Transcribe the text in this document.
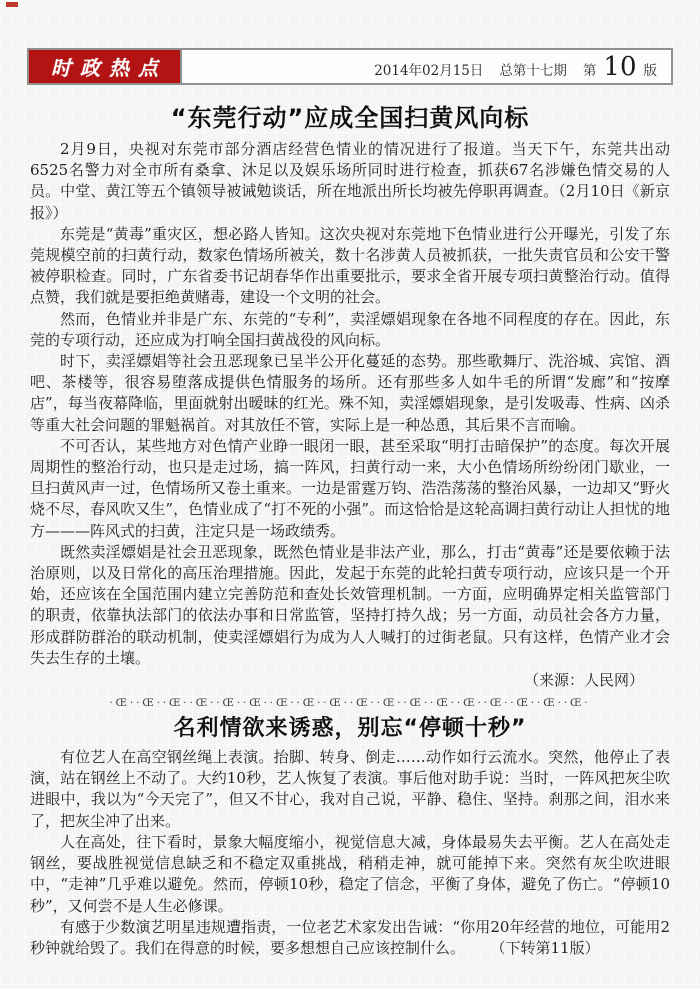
时政热点	2014年02月15日 总第十七期 第 10 版
“东莞行动”应成全国扫黄风向标

2月9日，央视对东莞市部分酒店经营色情业的情况进行了报道。当天下午，东莞共出动6525名警力对全市所有桑拿、沐足以及娱乐场所同时进行检查，抓获67名涉嫌色情交易的人员。中堂、黄江等五个镇领导被诫勉谈话，所在地派出所长均被先停职再调查。（2月10日《新京报》）

东莞是“黄毒”重灾区，想必路人皆知。这次央视对东莞地下色情业进行公开曝光，引发了东莞规模空前的扫黄行动，数家色情场所被关，数十名涉黄人员被抓获，一批失责官员和公安干警被停职检查。同时，广东省委书记胡春华作出重要批示，要求全省开展专项扫黄整治行动。值得点赞，我们就是要拒绝黄赌毒，建设一个文明的社会。

然而，色情业并非是广东、东莞的“专利”，卖淫嫖娼现象在各地不同程度的存在。因此，东莞的专项行动，还应成为打响全国扫黄战役的风向标。

时下，卖淫嫖娼等社会丑恶现象已呈半公开化蔓延的态势。那些歌舞厅、洗浴城、宾馆、酒吧、茶楼等，很容易堕落成提供色情服务的场所。还有那些多人如牛毛的所谓“发廊”和“按摩店”，每当夜幕降临，里面就射出暧昧的红光。殊不知，卖淫嫖娼现象，是引发吸毒、性病、凶杀等重大社会问题的罪魁祸首。对其放任不管，实际上是一种怂恿，其后果不言而喻。

不可否认，某些地方对色情产业睁一眼闭一眼，甚至采取“明打击暗保护”的态度。每次开展周期性的整治行动，也只是走过场，搞一阵风，扫黄行动一来，大小色情场所纷纷闭门歇业，一旦扫黄风声一过，色情场所又卷土重来。一边是雷霆万钧、浩浩荡荡的整治风暴，一边却又“野火烧不尽，春风吹又生”，色情业成了“打不死的小强”。而这恰恰是这轮高调扫黄行动让人担忧的地方———阵风式的扫黄，注定只是一场政绩秀。

既然卖淫嫖娼是社会丑恶现象，既然色情业是非法产业，那么，打击“黄毒”还是要依赖于法治原则，以及日常化的高压治理措施。因此，发起于东莞的此轮扫黄专项行动，应该只是一个开始，还应该在全国范围内建立完善防范和查处长效管理机制。一方面，应明确界定相关监管部门的职责，依靠执法部门的依法办事和日常监管，坚持打持久战；另一方面，动员社会各方力量，形成群防群治的联动机制，使卖淫嫖娼行为成为人人喊打的过街老鼠。只有这样，色情产业才会失去生存的土壤。

（来源：人民网）
·Œ··Œ··Œ··Œ··Œ··Œ··Œ··Œ··Œ··Œ··Œ··Œ··Œ··Œ··Œ··Œ··Œ··Œ·
名利情欲来诱惑，别忘“停顿十秒”

有位艺人在高空钢丝绳上表演。抬脚、转身、倒走……动作如行云流水。突然，他停止了表演，站在钢丝上不动了。大约10秒，艺人恢复了表演。事后他对助手说：当时，一阵风把灰尘吹进眼中，我以为“今天完了”，但又不甘心，我对自己说，平静、稳住、坚持。刹那之间，泪水来了，把灰尘冲了出来。

人在高处，往下看时，景象大幅度缩小，视觉信息大减，身体最易失去平衡。艺人在高处走钢丝，要战胜视觉信息缺乏和不稳定双重挑战，稍稍走神，就可能掉下来。突然有灰尘吹进眼中，“走神”几乎难以避免。然而，停顿10秒，稳定了信念，平衡了身体，避免了伤亡。“停顿10秒”，又何尝不是人生必修课。

有感于少数演艺明星违规遭指责，一位老艺术家发出告诫：“你用20年经营的地位，可能用2秒钟就给毁了。我们在得意的时候，要多想想自己应该控制什么。 （下转第11版）
